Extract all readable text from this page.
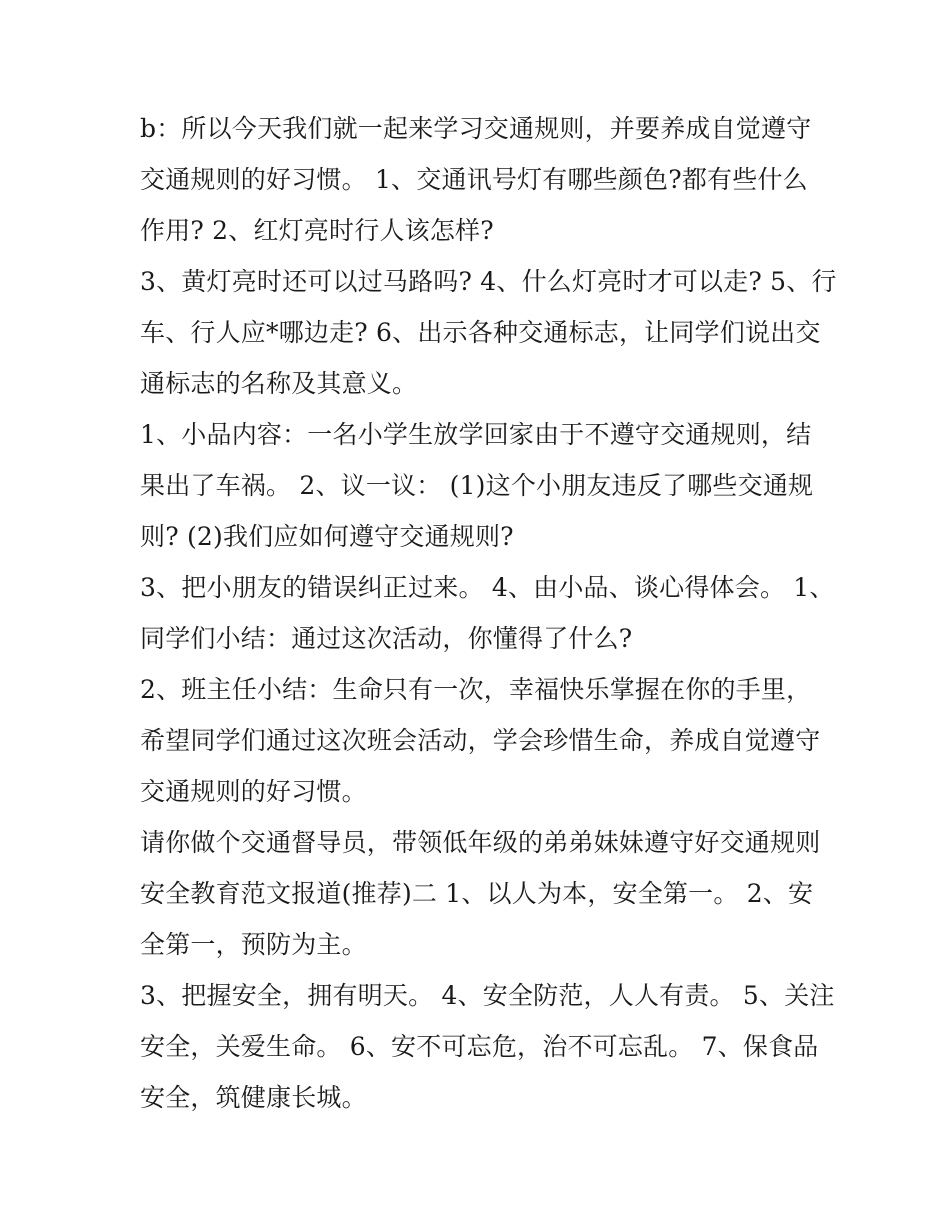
b：所以今天我们就一起来学习交通规则，并要养成自觉遵守
交通规则的好习惯。 1、交通讯号灯有哪些颜色?都有些什么
作用? 2、红灯亮时行人该怎样?

3、黄灯亮时还可以过马路吗? 4、什么灯亮时才可以走? 5、行
车、行人应*哪边走? 6、出示各种交通标志，让同学们说出交
通标志的名称及其意义。

1、小品内容：一名小学生放学回家由于不遵守交通规则，结
果出了车祸。 2、议一议： (1)这个小朋友违反了哪些交通规
则? (2)我们应如何遵守交通规则?

3、把小朋友的错误纠正过来。 4、由小品、谈心得体会。 1、
同学们小结：通过这次活动，你懂得了什么?

2、班主任小结：生命只有一次，幸福快乐掌握在你的手里，
希望同学们通过这次班会活动，学会珍惜生命，养成自觉遵守
交通规则的好习惯。

请你做个交通督导员，带领低年级的弟弟妹妹遵守好交通规则
安全教育范文报道(推荐)二 1、以人为本，安全第一。 2、安
全第一，预防为主。

3、把握安全，拥有明天。 4、安全防范，人人有责。 5、关注
安全，关爱生命。 6、安不可忘危，治不可忘乱。 7、保食品
安全，筑健康长城。
